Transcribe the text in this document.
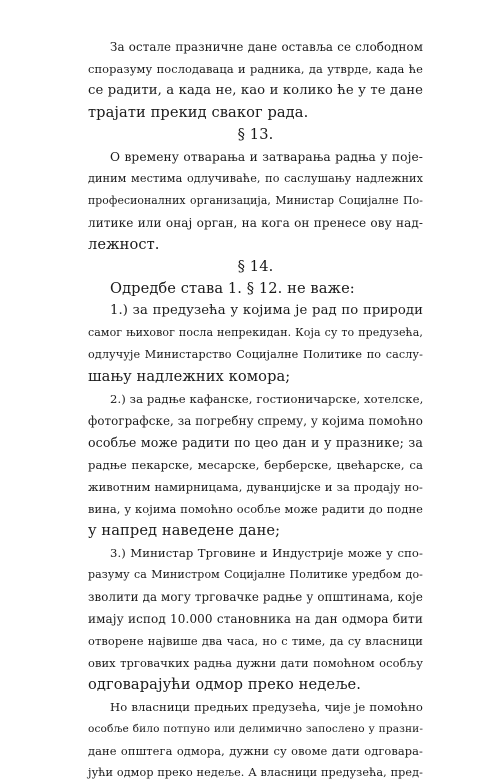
За остале празничне дане оставља се слободном
споразуму послодаваца и радника, да утврде, када ће
се радити, а када не, као и колико ће у те дане
трајати прекид сваког рада.
§ 13.
О времену отварања и затварања радња у поје-
диним местима одлучиваће, по саслушању надлежних
професионалних организација, Министар Социјалне По-
литике или онај орган, на кога он пренесе ову над-
лежност.
§ 14.
Одредбе става 1. § 12. не важе:
1.) за предузећа у којима је рад по природи
самог њиховог посла непрекидан. Која су то предузећа,
одлучује Министарство Социјалне Политике по саслу-
шању надлежних комора;
2.) за радње кафанске, гостионичарске, хотелске,
фотографске, за погребну спрему, у којима помоћно
особље може радити по цео дан и у празнике; за
радње пекарске, месарске, берберске, цвећарске, са
животним намирницама, дуванџијске и за продају но-
вина, у којима помоћно особље може радити до подне
у напред наведене дане;
3.) Министар Трговине и Индустрије може у спо-
разуму са Министром Социјалне Политике уредбом до-
зволити да могу трговачке радње у општинама, које
имају испод 10.000 становника на дан одмора бити
отворене највише два часа, но с тиме, да су власници
ових трговачких радња дужни дати помоћном особљу
одговарајући одмор преко недеље.
Но власници предњих предузећа, чије је помоћно
особље било потпуно или делимично запослено у празни-
дане општега одмора, дужни су овоме дати одговара-
јући одмор преко недеље. А власници предузећа, пред-
